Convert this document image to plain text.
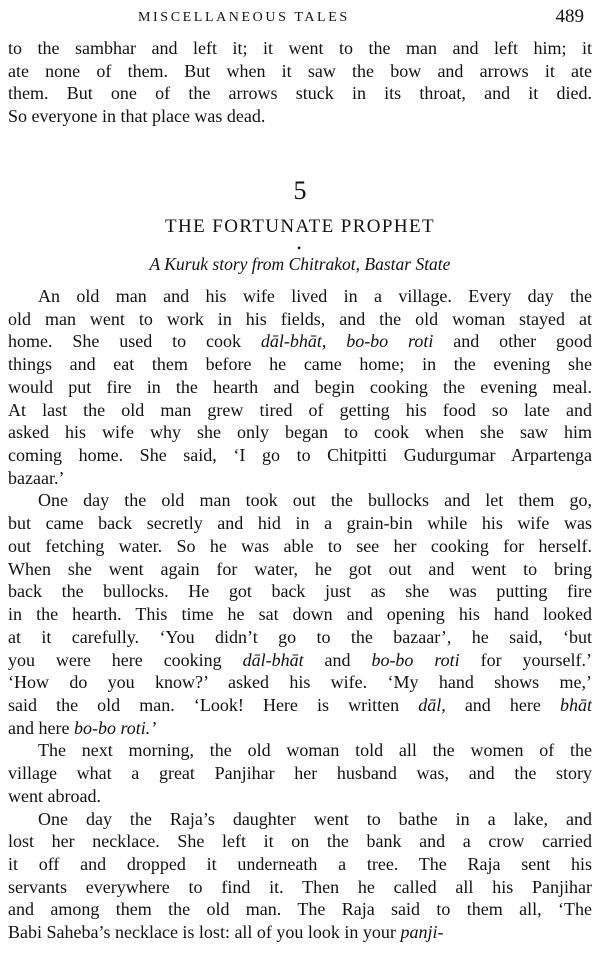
MISCELLANEOUS TALES	489
to the sambhar and left it; it went to the man and left him; it
ate none of them. But when it saw the bow and arrows it ate
them. But one of the arrows stuck in its throat, and it died.
So everyone in that place was dead.
5
THE FORTUNATE PROPHET
•
A Kuruk story from Chitrakot, Bastar State
An old man and his wife lived in a village. Every day the
old man went to work in his fields, and the old woman stayed at
home. She used to cook dāl-bhāt, bo-bo roti and other good
things and eat them before he came home; in the evening she
would put fire in the hearth and begin cooking the evening meal.
At last the old man grew tired of getting his food so late and
asked his wife why she only began to cook when she saw him
coming home. She said, ‘I go to Chitpitti Gudurgumar Arpartenga
bazaar.’
One day the old man took out the bullocks and let them go,
but came back secretly and hid in a grain-bin while his wife was
out fetching water. So he was able to see her cooking for herself.
When she went again for water, he got out and went to bring
back the bullocks. He got back just as she was putting fire
in the hearth. This time he sat down and opening his hand looked
at it carefully. ‘You didn’t go to the bazaar’, he said, ‘but
you were here cooking dāl-bhāt and bo-bo roti for yourself.’
‘How do you know?’ asked his wife. ‘My hand shows me,’
said the old man. ‘Look! Here is written dāl, and here bhāt
and here bo-bo roti.’
The next morning, the old woman told all the women of the
village what a great Panjihar her husband was, and the story
went abroad.
One day the Raja’s daughter went to bathe in a lake, and
lost her necklace. She left it on the bank and a crow carried
it off and dropped it underneath a tree. The Raja sent his
servants everywhere to find it. Then he called all his Panjihar
and among them the old man. The Raja said to them all, ‘The
Babi Saheba’s necklace is lost: all of you look in your panji-
